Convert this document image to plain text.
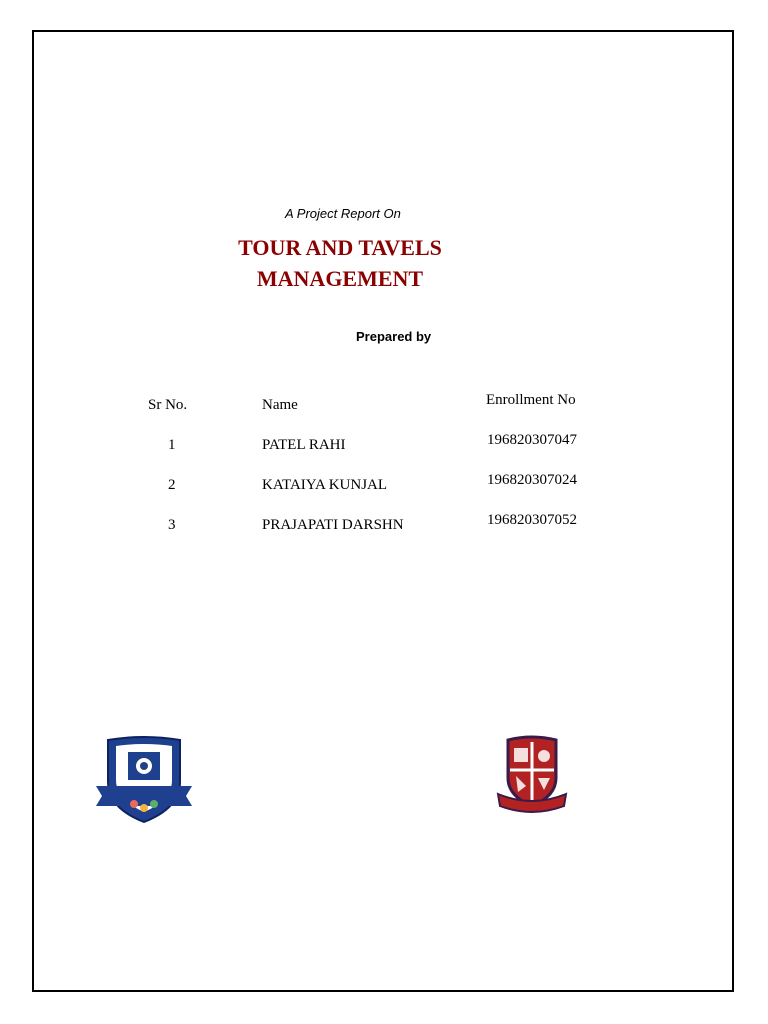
A Project Report On
TOUR AND TAVELS
MANAGEMENT
Prepared by
Sr No.	Name	Enrollment No
1	PATEL RAHI	196820307047
2	KATAIYA KUNJAL	196820307024
3	PRAJAPATI DARSHN	196820307052
